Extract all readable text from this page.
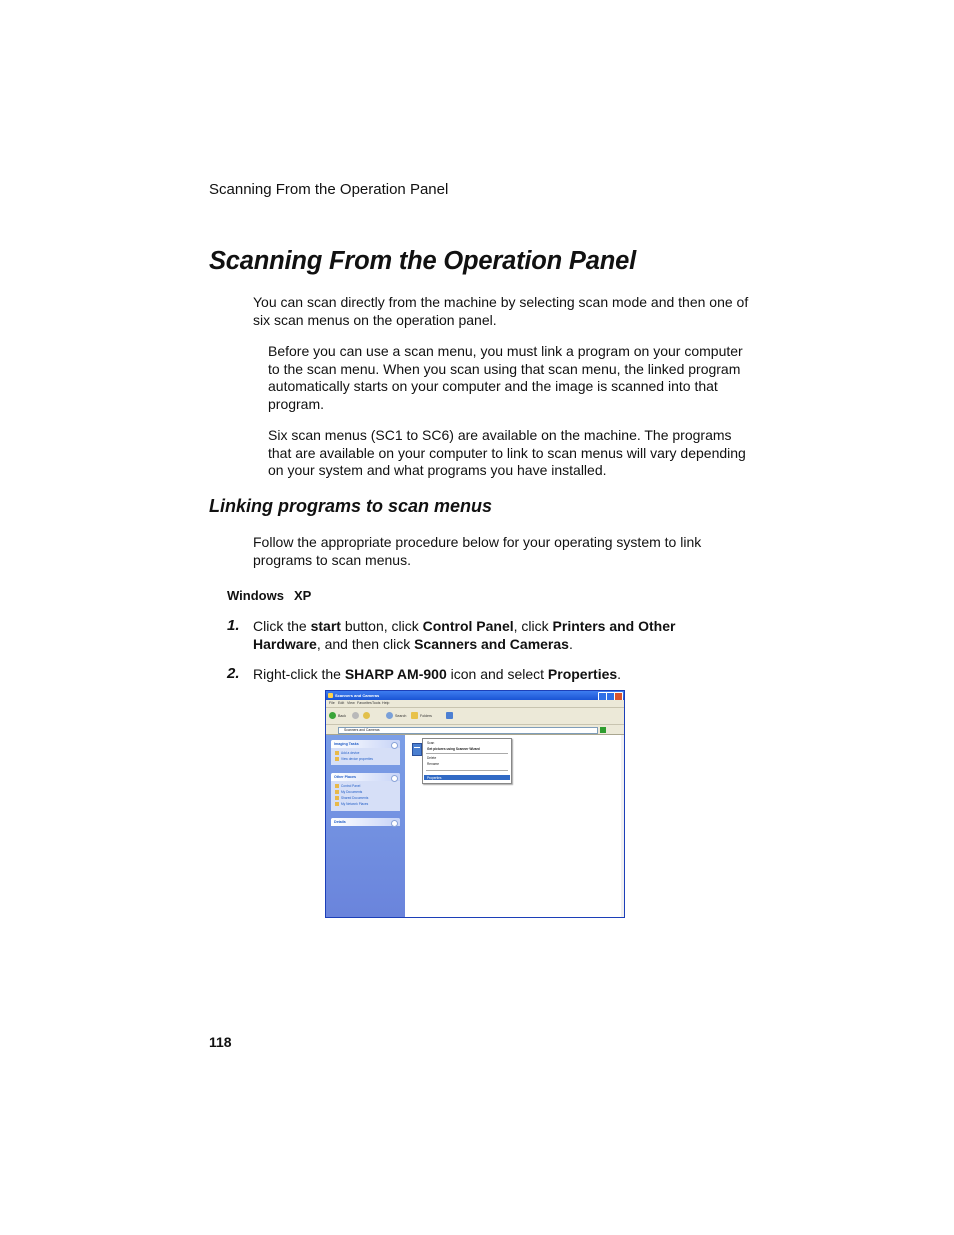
Scanning From the Operation Panel
Scanning From the Operation Panel

You can scan directly from the machine by selecting scan mode and then one of six scan menus on the operation panel.

Before you can use a scan menu, you must link a program on your computer to the scan menu. When you scan using that scan menu, the linked program automatically starts on your computer and the image is scanned into that program.

Six scan menus (SC1 to SC6) are available on the machine. The programs that are available on your computer to link to scan menus will vary depending on your system and what programs you have installed.

Linking programs to scan menus

Follow the appropriate procedure below for your operating system to link programs to scan menus.

Windows XP
1. Click the start button, click Control Panel, click Printers and Other Hardware, and then click Scanners and Cameras.
2. Right-click the SHARP AM-900 icon and select Properties.
Scanners and Cameras
File Edit View Favorites Tools Help
Back	Search	Folders
Scanners and Cameras
Imaging Tasks
Add a device
View device properties
Other Places
Control Panel
My Documents
Shared Documents
My Network Places
Details
Scan
Get pictures using Scanner Wizard
Delete
Rename
Properties
118
